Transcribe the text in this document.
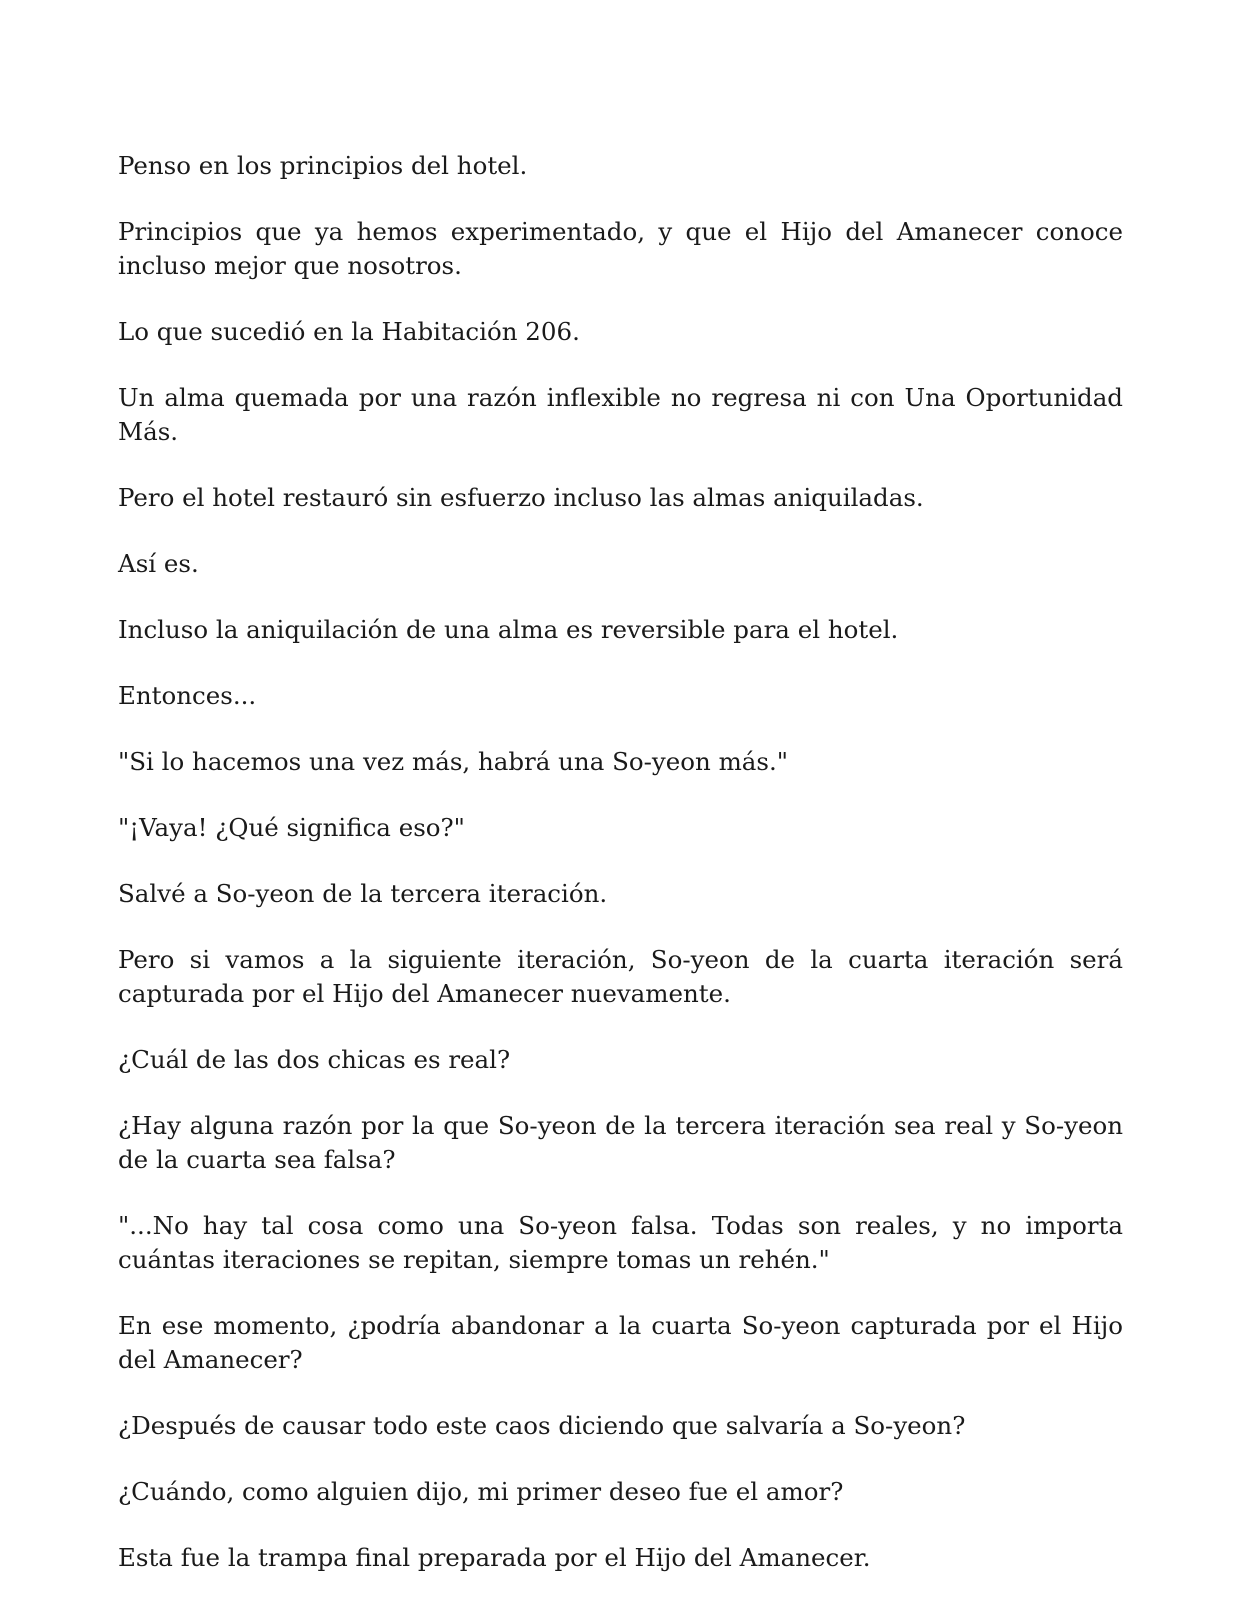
Penso en los principios del hotel.

Principios que ya hemos experimentado, y que el Hijo del Amanecer conoce incluso mejor que nosotros.

Lo que sucedió en la Habitación 206.

Un alma quemada por una razón inflexible no regresa ni con Una Oportunidad Más.

Pero el hotel restauró sin esfuerzo incluso las almas aniquiladas.

Así es.

Incluso la aniquilación de una alma es reversible para el hotel.

Entonces...

"Si lo hacemos una vez más, habrá una So-yeon más."

"¡Vaya! ¿Qué significa eso?"

Salvé a So-yeon de la tercera iteración.

Pero si vamos a la siguiente iteración, So-yeon de la cuarta iteración será capturada por el Hijo del Amanecer nuevamente.

¿Cuál de las dos chicas es real?

¿Hay alguna razón por la que So-yeon de la tercera iteración sea real y So-yeon de la cuarta sea falsa?

"...No hay tal cosa como una So-yeon falsa. Todas son reales, y no importa cuántas iteraciones se repitan, siempre tomas un rehén."

En ese momento, ¿podría abandonar a la cuarta So-yeon capturada por el Hijo del Amanecer?

¿Después de causar todo este caos diciendo que salvaría a So-yeon?

¿Cuándo, como alguien dijo, mi primer deseo fue el amor?

Esta fue la trampa final preparada por el Hijo del Amanecer.
